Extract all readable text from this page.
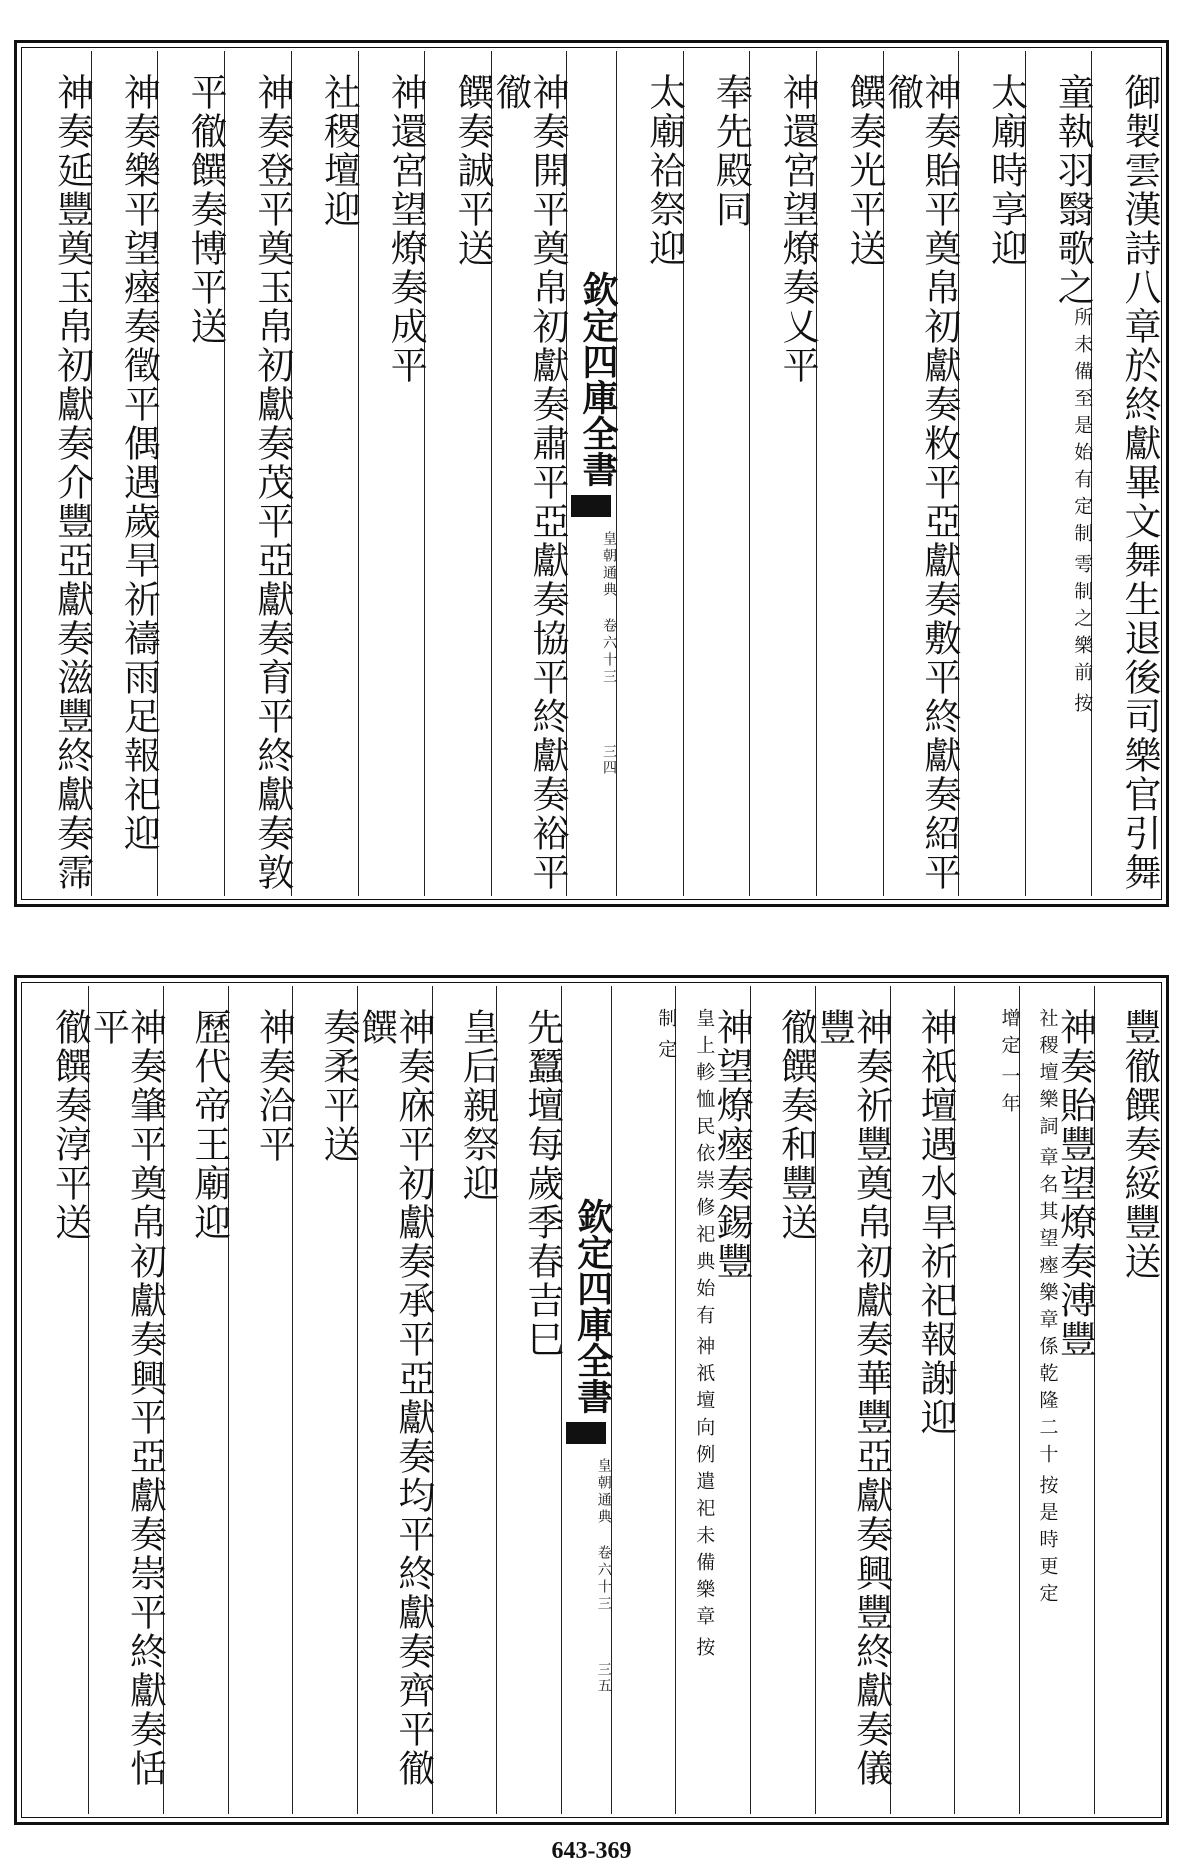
御製雲漢詩八章於終獻畢文舞生退後司樂官引舞
童執羽翳歌之
按
雩制之樂前
所未備至是始有定制
太廟時享迎
神奏貽平奠帛初獻奏敉平亞獻奏敷平終獻奏紹平徹
饌奏光平送
神還宮望燎奏乂平
奉先殿同
太廟祫祭迎
欽定四庫全書
皇朝通典 卷六十三
三四
神奏開平奠帛初獻奏肅平亞獻奏協平終獻奏裕平徹
饌奏誠平送
神還宮望燎奏成平
社稷壇迎
神奏登平奠玉帛初獻奏茂平亞獻奏育平終獻奏敦
平徹饌奏博平送
神奏樂平望瘞奏徵平偶遇歲旱祈禱雨足報祀迎
神奏延豐奠玉帛初獻奏介豐亞獻奏滋豐終獻奏霈
豐徹饌奏綏豐送
神奏貽豐望燎奏溥豐
按是時更定
章名其望瘞樂章係乾隆二十
社稷壇樂詞
一年
增定
神祇壇遇水旱祈祀報謝迎
神奏祈豐奠帛初獻奏華豐亞獻奏興豐終獻奏儀豐
徹饌奏和豐送
神望燎瘞奏錫豐
按
神祇壇向例遣祀未備樂章
皇上軫恤民依崇修祀典始有
定
制
欽定四庫全書
皇朝通典 卷六十三
三五
先蠶壇每歲季春吉巳
皇后親祭迎
神奏庥平初獻奏承平亞獻奏均平終獻奏齊平徹饌
奏柔平送
神奏洽平
歷代帝王廟迎
神奏肇平奠帛初獻奏興平亞獻奏崇平終獻奏恬平
徹饌奏淳平送
643-369
